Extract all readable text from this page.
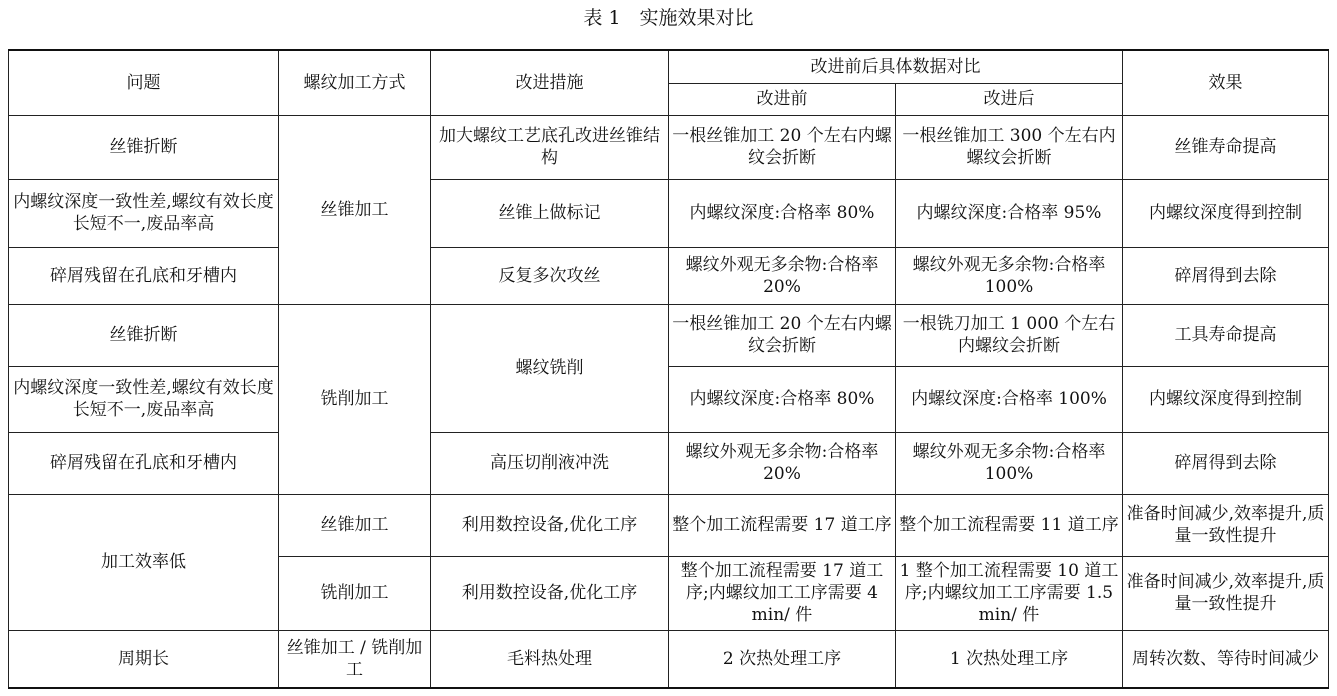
表 1　实施效果对比
问题	螺纹加工方式	改进措施	改进前后具体数据对比		效果
			改进前	改进后	
丝锥折断	丝锥加工	加大螺纹工艺底孔改进丝锥结构	一根丝锥加工 20 个左右内螺纹会折断	一根丝锥加工 300 个左右内螺纹会折断	丝锥寿命提高
内螺纹深度一致性差,螺纹有效长度长短不一,废品率高		丝锥上做标记	内螺纹深度:合格率 80%	内螺纹深度:合格率 95%	内螺纹深度得到控制
碎屑残留在孔底和牙槽内		反复多次攻丝	螺纹外观无多余物:合格率 20%	螺纹外观无多余物:合格率 100%	碎屑得到去除
丝锥折断	铣削加工	螺纹铣削	一根丝锥加工 20 个左右内螺纹会折断	一根铣刀加工 1 000 个左右内螺纹会折断	工具寿命提高
内螺纹深度一致性差,螺纹有效长度长短不一,废品率高			内螺纹深度:合格率 80%	内螺纹深度:合格率 100%	内螺纹深度得到控制
碎屑残留在孔底和牙槽内		高压切削液冲洗	螺纹外观无多余物:合格率 20%	螺纹外观无多余物:合格率 100%	碎屑得到去除
加工效率低	丝锥加工	利用数控设备,优化工序	整个加工流程需要 17 道工序	整个加工流程需要 11 道工序	准备时间减少,效率提升,质量一致性提升
	铣削加工	利用数控设备,优化工序	整个加工流程需要 17 道工序;内螺纹加工工序需要 4 min/ 件	1 整个加工流程需要 10 道工序;内螺纹加工工序需要 1.5 min/ 件	准备时间减少,效率提升,质量一致性提升
周期长	丝锥加工 / 铣削加工	毛料热处理	2 次热处理工序	1 次热处理工序	周转次数、等待时间减少
